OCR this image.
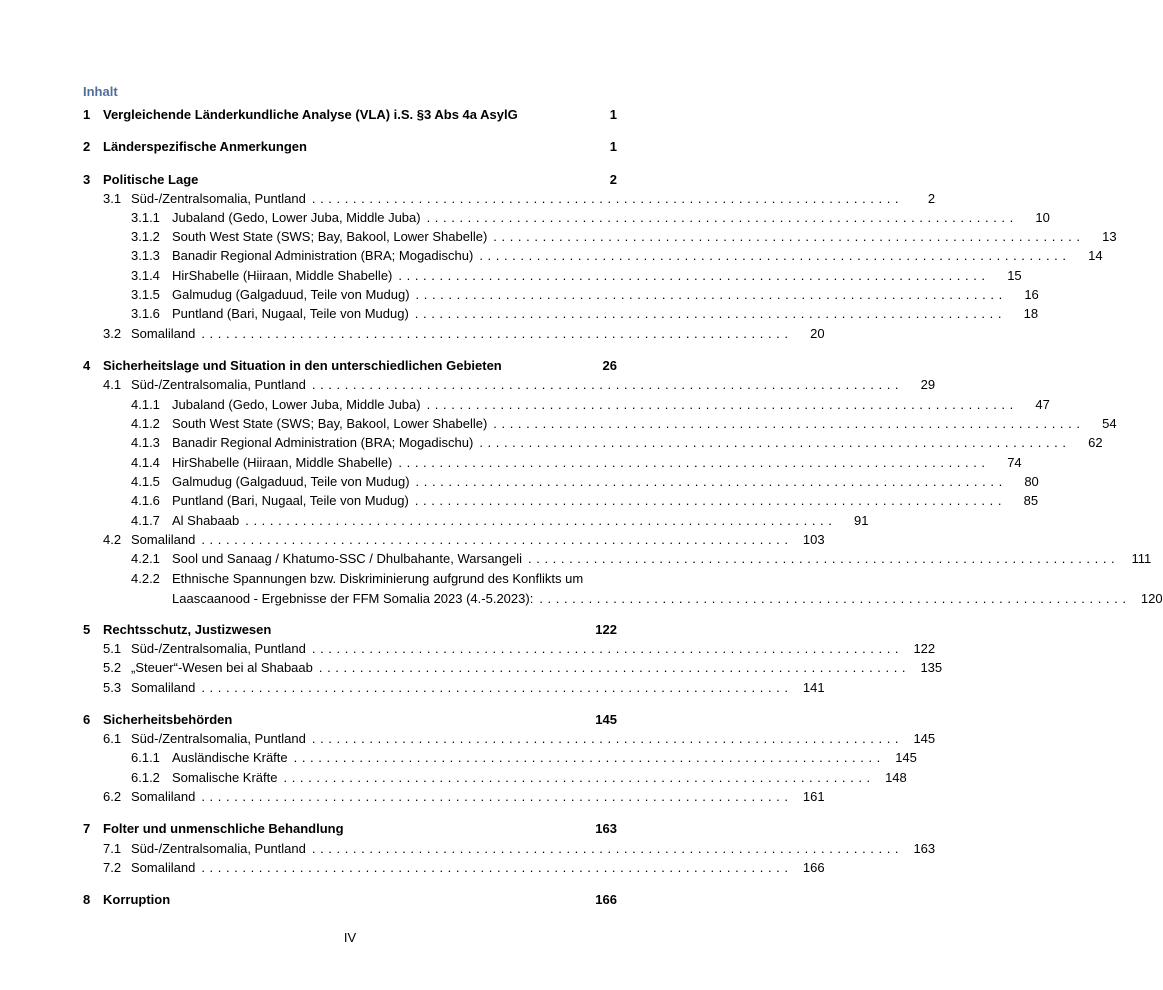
Inhalt
1 Vergleichende Länderkundliche Analyse (VLA) i.S. §3 Abs 4a AsylG	1
2 Länderspezifische Anmerkungen	1
3 Politische Lage	2
3.1 Süd-/Zentralsomalia, Puntland ........................................................................	2
3.1.1 Jubaland (Gedo, Lower Juba, Middle Juba) ........................................................................	10
3.1.2 South West State (SWS; Bay, Bakool, Lower Shabelle) ........................................................................	13
3.1.3 Banadir Regional Administration (BRA; Mogadischu) ........................................................................	14
3.1.4 HirShabelle (Hiiraan, Middle Shabelle) ........................................................................	15
3.1.5 Galmudug (Galgaduud, Teile von Mudug) ........................................................................	16
3.1.6 Puntland (Bari, Nugaal, Teile von Mudug) ........................................................................	18
3.2 Somaliland ........................................................................	20
4 Sicherheitslage und Situation in den unterschiedlichen Gebieten	26
4.1 Süd-/Zentralsomalia, Puntland ........................................................................	29
4.1.1 Jubaland (Gedo, Lower Juba, Middle Juba) ........................................................................	47
4.1.2 South West State (SWS; Bay, Bakool, Lower Shabelle) ........................................................................	54
4.1.3 Banadir Regional Administration (BRA; Mogadischu) ........................................................................	62
4.1.4 HirShabelle (Hiiraan, Middle Shabelle) ........................................................................	74
4.1.5 Galmudug (Galgaduud, Teile von Mudug) ........................................................................	80
4.1.6 Puntland (Bari, Nugaal, Teile von Mudug) ........................................................................	85
4.1.7 Al Shabaab ........................................................................	91
4.2 Somaliland ........................................................................ 103
4.2.1 Sool und Sanaag / Khatumo-SSC / Dhulbahante, Warsangeli ........................................................................ 111
4.2.2 Ethnische Spannungen bzw. Diskriminierung aufgrund des Konflikts um
Laascaanood - Ergebnisse der FFM Somalia 2023 (4.-5.2023): ........................................................................ 120
5 Rechtsschutz, Justizwesen	122
5.1 Süd-/Zentralsomalia, Puntland ........................................................................ 122
5.2 „Steuer“-Wesen bei al Shabaab ........................................................................ 135
5.3 Somaliland ........................................................................ 141
6 Sicherheitsbehörden	145
6.1 Süd-/Zentralsomalia, Puntland ........................................................................ 145
6.1.1 Ausländische Kräfte ........................................................................ 145
6.1.2 Somalische Kräfte ........................................................................ 148
6.2 Somaliland ........................................................................ 161
7 Folter und unmenschliche Behandlung	163
7.1 Süd-/Zentralsomalia, Puntland ........................................................................ 163
7.2 Somaliland ........................................................................ 166
8 Korruption	166
IV
